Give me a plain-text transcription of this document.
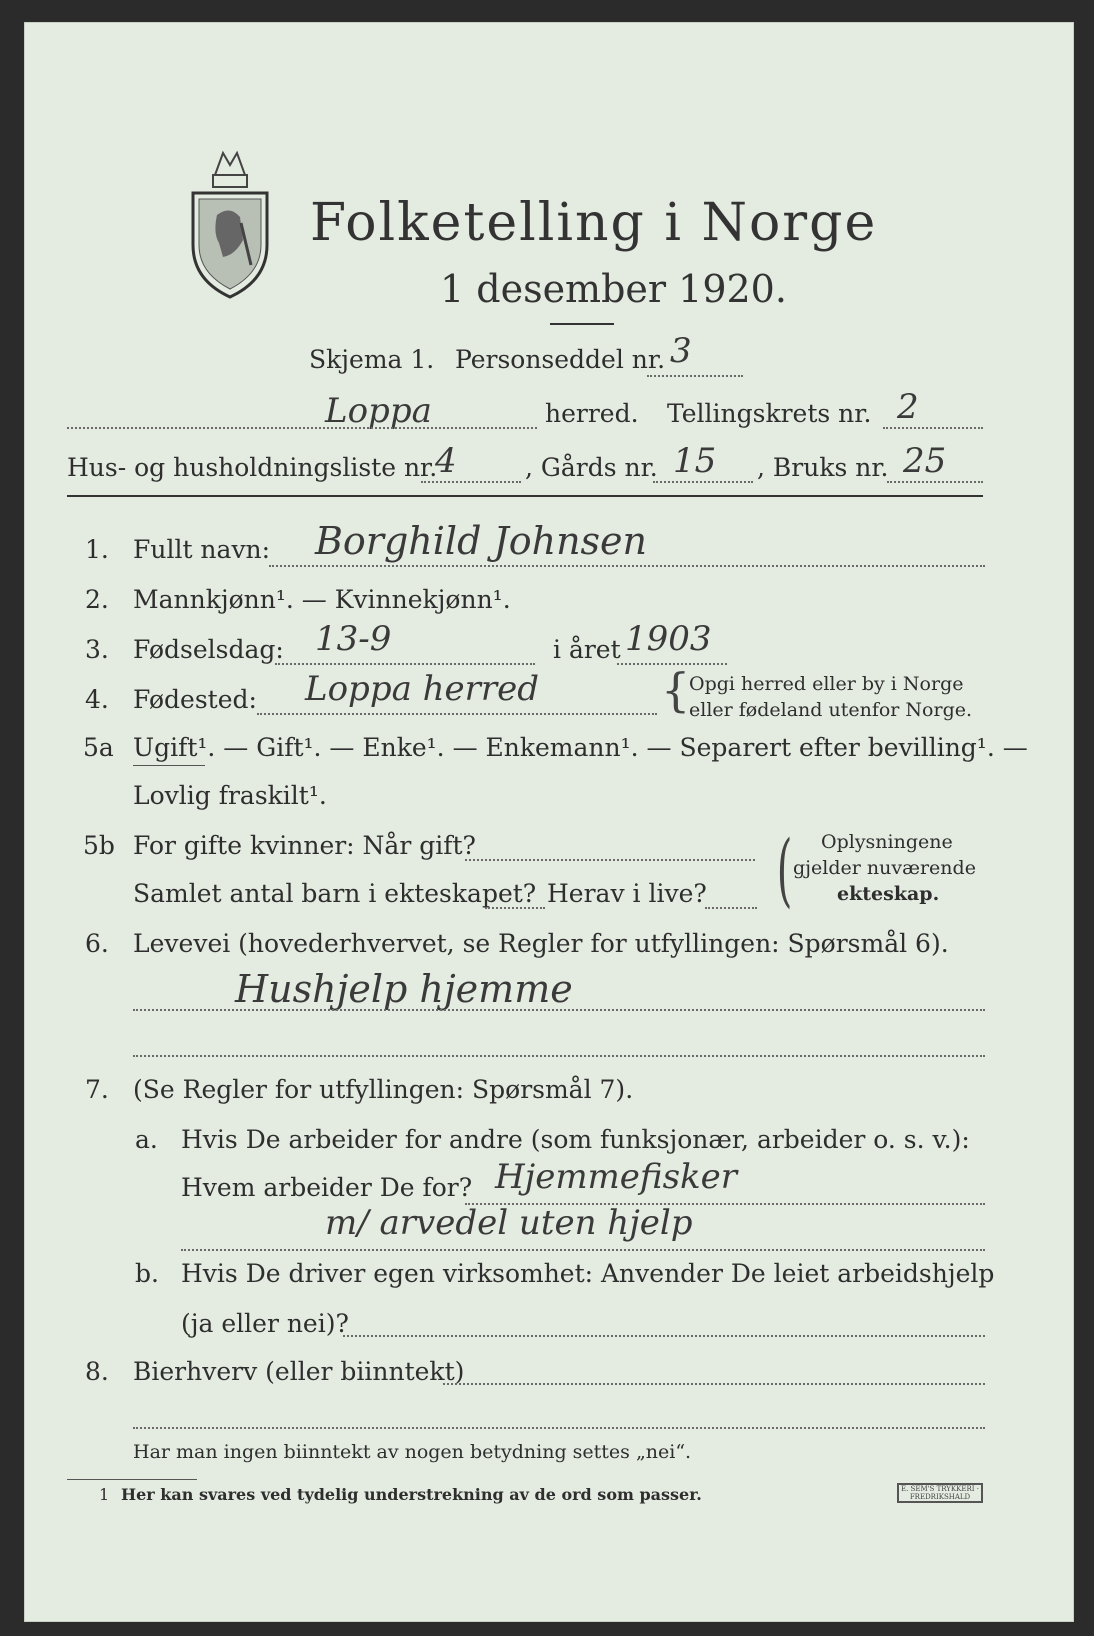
Folketelling i Norge
1 desember 1920.
Skjema 1. Personseddel nr. 3
Loppa	herred. Tellingskrets nr. 2
Hus- og husholdningsliste nr.
4	, Gårds nr. 15 , Bruks nr. 25
1. Fullt navn: Borghild Johnsen
2. Mannkjønn¹. — Kvinnekjønn¹.
3. Fødselsdag: 13-9	i året 1903
4. Fødested: Loppa herred	{
Opgi herred eller by i Norge
eller fødeland utenfor Norge.
5a Ugift¹. — Gift¹. — Enke¹. — Enkemann¹. — Separert efter bevilling¹. —
Lovlig fraskilt¹.
5b For gifte kvinner: Når gift?
Samlet antal barn i ekteskapet? Herav i live? ( Oplysningene
gjelder nuværende
ekteskap.
6. Levevei (hovederhvervet, se Regler for utfyllingen: Spørsmål 6).
Hushjelp hjemme
7. (Se Regler for utfyllingen: Spørsmål 7).
a. Hvis De arbeider for andre (som funksjonær, arbeider o. s. v.):
Hvem arbeider De for? Hjemmefisker
m/ arvedel uten hjelp
b. Hvis De driver egen virksomhet: Anvender De leiet arbeidshjelp
(ja eller nei)?
8. Bierhverv (eller biinntekt)
Har man ingen biinntekt av nogen betydning settes „nei“.
1 Her kan svares ved tydelig understrekning av de ord som passer.	E. SEM'S TRYKKERI · FREDRIKSHALD
